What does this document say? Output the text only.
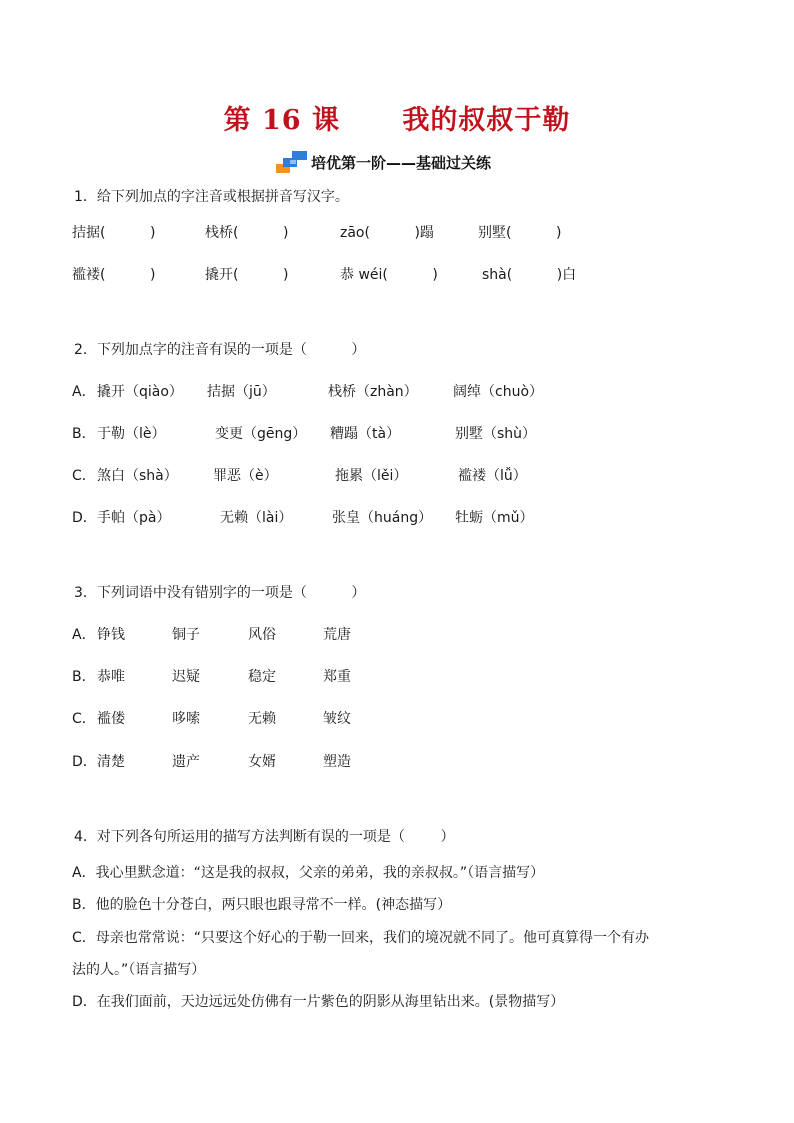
第 16 课      我的叔叔于勒
培优第一阶——基础过关练
1．给下列加点的字注音或根据拼音写汉字。
拮据(          )	栈桥(          )	zāo(          )蹋	别墅(          )
褴褛(          )	撬开(          )	恭 wéi(          )	shà(          )白
2．下列加点字的注音有误的一项是（          ）
A． 撬开（qiào） 拮据（jū）	栈桥（zhàn）	阔绰（chuò）
B． 于勒（lè）	变更（gēng） 糟蹋（tà）	别墅（shù）
C． 煞白（shà）	罪恶（è）	拖累（lěi）	褴褛（lǚ）
D． 手帕（pà）	无赖（lài）	张皇（huáng） 牡蛎（mǔ）
3．下列词语中没有错别字的一项是（          ）
A． 铮钱	铜子	风俗	荒唐
B． 恭唯	迟疑	稳定	郑重
C． 褴偻	哆嗦	无赖	皱纹
D． 清楚	遗产	女婿	塑造
4．对下列各句所运用的描写方法判断有误的一项是（        ）
A．我心里默念道：“这是我的叔叔，父亲的弟弟，我的亲叔叔。”（语言描写）
B．他的脸色十分苍白，两只眼也跟寻常不一样。(神态描写）
C．母亲也常常说：“只要这个好心的于勒一回来，我们的境况就不同了。他可真算得一个有办
法的人。”（语言描写）
D．在我们面前，天边远远处仿佛有一片紫色的阴影从海里钻出来。(景物描写）
